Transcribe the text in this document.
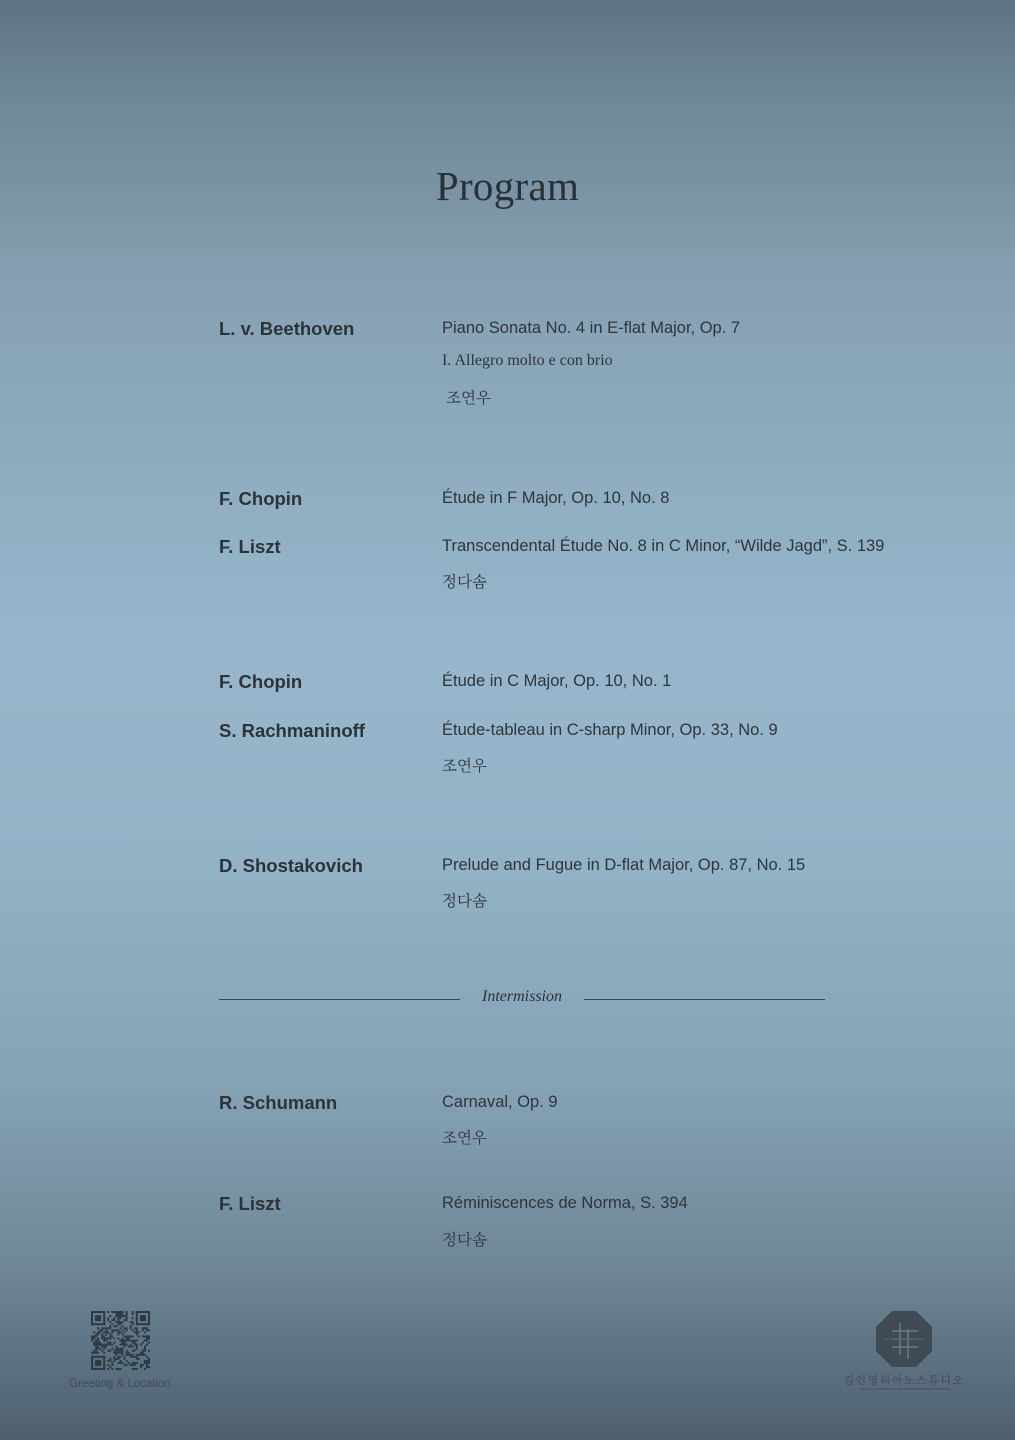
Program
L. v. Beethoven	Piano Sonata No. 4 in E-flat Major, Op. 7
I. Allegro molto e con brio
조연우
F. Chopin	Étude in F Major, Op. 10, No. 8
F. Liszt	Transcendental Étude No. 8 in C Minor, “Wilde Jagd”, S. 139
정다솜
F. Chopin	Étude in C Major, Op. 10, No. 1
S. Rachmaninoff	Étude-tableau in C-sharp Minor, Op. 33, No. 9
조연우
D. Shostakovich	Prelude and Fugue in D-flat Major, Op. 87, No. 15
정다솜
Intermission
R. Schumann	Carnaval, Op. 9
조연우
F. Liszt	Réminiscences de Norma, S. 394
정다솜
Greeting & Location	김인영피아노스튜디오
